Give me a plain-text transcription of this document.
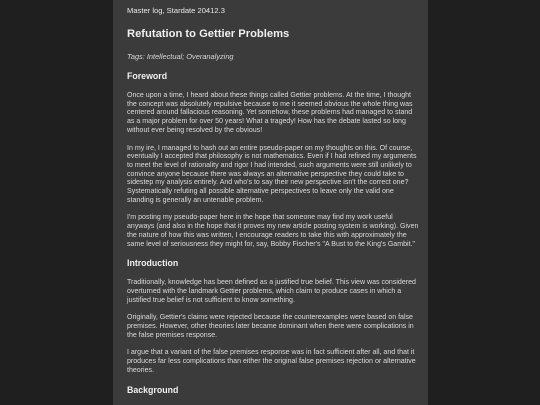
Master log, Stardate 20412.3

Refutation to Gettier Problems

Tags: Intellectual; Overanalyzing

Foreword

Once upon a time, I heard about these things called Gettier problems. At the time, I thought the concept was absolutely repulsive because to me it seemed obvious the whole thing was centered around fallacious reasoning. Yet somehow, these problems had managed to stand as a major problem for over 50 years! What a tragedy! How has the debate lasted so long without ever being resolved by the obvious!

In my ire, I managed to hash out an entire pseudo-paper on my thoughts on this. Of course, eventually I accepted that philosophy is not mathematics. Even if I had refined my arguments to meet the level of rationality and rigor I had intended, such arguments were still unlikely to convince anyone because there was always an alternative perspective they could take to sidestep my analysis entirely. And who's to say their new perspective isn't the correct one? Systematically refuting all possible alternative perspectives to leave only the valid one standing is generally an untenable problem.

I'm posting my pseudo-paper here in the hope that someone may find my work useful anyways (and also in the hope that it proves my new article posting system is working). Given the nature of how this was written, I encourage readers to take this with approximately the same level of seriousness they might for, say, Bobby Fischer's "A Bust to the King's Gambit."

Introduction

Traditionally, knowledge has been defined as a justified true belief. This view was considered overturned with the landmark Gettier problems, which claim to produce cases in which a justified true belief is not sufficient to know something.

Originally, Gettier's claims were rejected because the counterexamples were based on false premises. However, other theories later became dominant when there were complications in the false premises response.

I argue that a variant of the false premises response was in fact sufficient after all, and that it produces far less complications than either the original false premises rejection or alternative theories.

Background
